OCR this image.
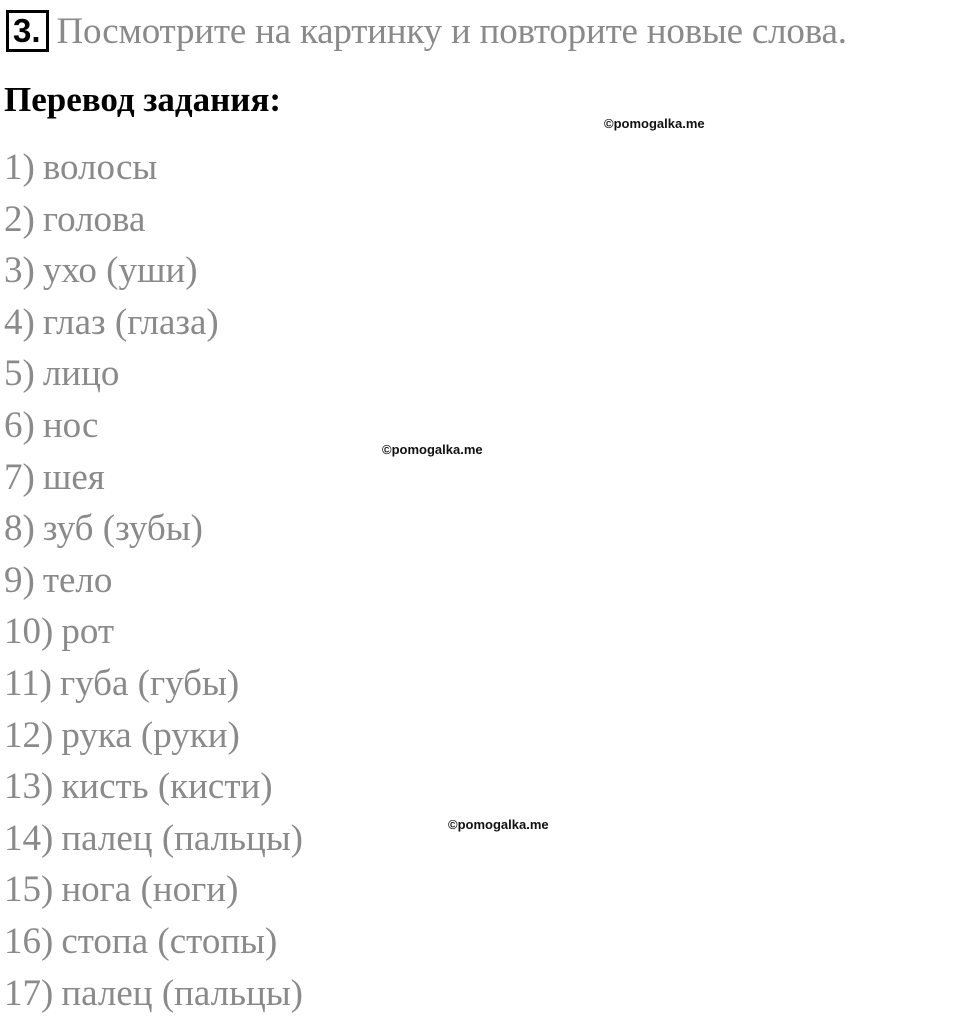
3. Посмотрите на картинку и повторите новые слова.
Перевод задания:
©pomogalka.me
©pomogalka.me
©pomogalka.me
1) волосы
2) голова
3) ухо (уши)
4) глаз (глаза)
5) лицо
6) нос
7) шея
8) зуб (зубы)
9) тело
10) рот
11) губа (губы)
12) рука (руки)
13) кисть (кисти)
14) палец (пальцы)
15) нога (ноги)
16) стопа (стопы)
17) палец (пальцы)
